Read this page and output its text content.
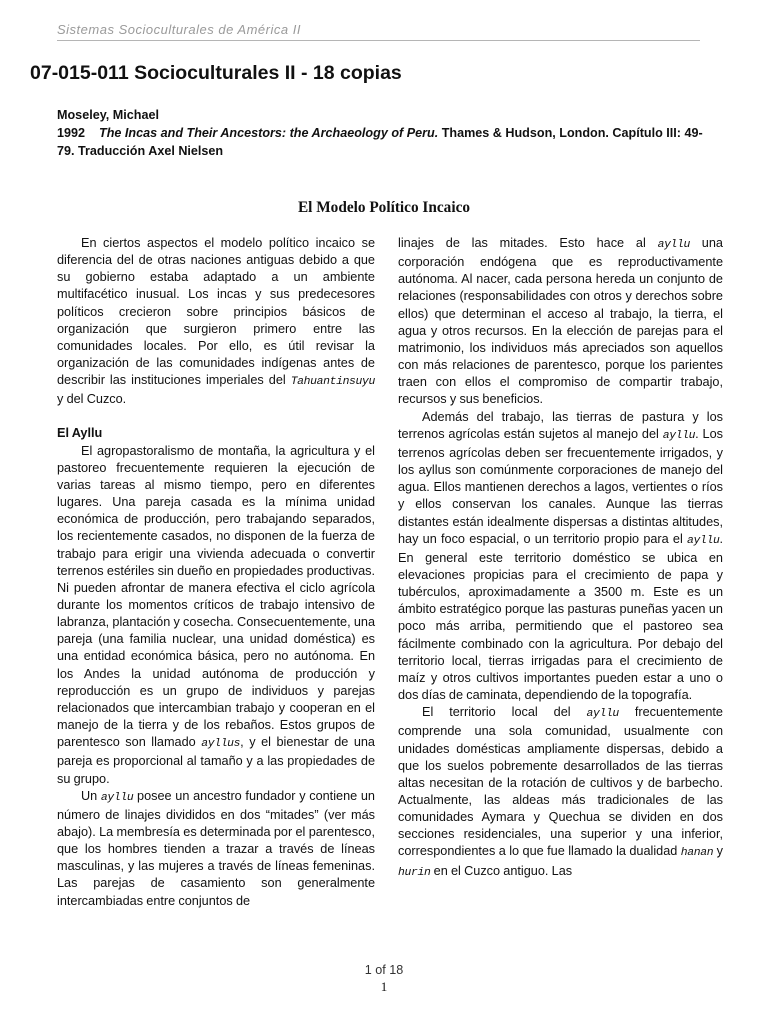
Sistemas Socioculturales de América II
07-015-011 Socioculturales II - 18 copias
Moseley, Michael
1992 The Incas and Their Ancestors: the Archaeology of Peru. Thames & Hudson, London. Capítulo III: 49-79. Traducción Axel Nielsen
El Modelo Político Incaico

En ciertos aspectos el modelo político incaico se diferencia del de otras naciones antiguas debido a que su gobierno estaba adaptado a un ambiente multifacético inusual. Los incas y sus predecesores políticos crecieron sobre principios básicos de organización que surgieron primero entre las comunidades locales. Por ello, es útil revisar la organización de las comunidades indígenas antes de describir las instituciones imperiales del Tahuantinsuyu y del Cuzco.

El Ayllu

El agropastoralismo de montaña, la agricultura y el pastoreo frecuentemente requieren la ejecución de varias tareas al mismo tiempo, pero en diferentes lugares. Una pareja casada es la mínima unidad económica de producción, pero trabajando separados, los recientemente casados, no disponen de la fuerza de trabajo para erigir una vivienda adecuada o convertir terrenos estériles sin dueño en propiedades productivas. Ni pueden afrontar de manera efectiva el ciclo agrícola durante los momentos críticos de trabajo intensivo de labranza, plantación y cosecha. Consecuentemente, una pareja (una familia nuclear, una unidad doméstica) es una entidad económica básica, pero no autónoma. En los Andes la unidad autónoma de producción y reproducción es un grupo de individuos y parejas relacionados que intercambian trabajo y cooperan en el manejo de la tierra y de los rebaños. Estos grupos de parentesco son llamado ayllus, y el bienestar de una pareja es proporcional al tamaño y a las propiedades de su grupo.

Un ayllu posee un ancestro fundador y contiene un número de linajes divididos en dos “mitades” (ver más abajo). La membresía es determinada por el parentesco, que los hombres tienden a trazar a través de líneas masculinas, y las mujeres a través de líneas femeninas. Las parejas de casamiento son generalmente intercambiadas entre conjuntos de

linajes de las mitades. Esto hace al ayllu una corporación endógena que es reproductivamente autónoma. Al nacer, cada persona hereda un conjunto de relaciones (responsabilidades con otros y derechos sobre ellos) que determinan el acceso al trabajo, la tierra, el agua y otros recursos. En la elección de parejas para el matrimonio, los individuos más apreciados son aquellos con más relaciones de parentesco, porque los parientes traen con ellos el compromiso de compartir trabajo, recursos y sus beneficios.

Además del trabajo, las tierras de pastura y los terrenos agrícolas están sujetos al manejo del ayllu. Los terrenos agrícolas deben ser frecuentemente irrigados, y los ayllus son comúnmente corporaciones de manejo del agua. Ellos mantienen derechos a lagos, vertientes o ríos y ellos conservan los canales. Aunque las tierras distantes están idealmente dispersas a distintas altitudes, hay un foco espacial, o un territorio propio para el ayllu. En general este territorio doméstico se ubica en elevaciones propicias para el crecimiento de papa y tubérculos, aproximadamente a 3500 m. Este es un ámbito estratégico porque las pasturas puneñas yacen un poco más arriba, permitiendo que el pastoreo sea fácilmente combinado con la agricultura. Por debajo del territorio local, tierras irrigadas para el crecimiento de maíz y otros cultivos importantes pueden estar a uno o dos días de caminata, dependiendo de la topografía.

El territorio local del ayllu frecuentemente comprende una sola comunidad, usualmente con unidades domésticas ampliamente dispersas, debido a que los suelos pobremente desarrollados de las tierras altas necesitan de la rotación de cultivos y de barbecho. Actualmente, las aldeas más tradicionales de las comunidades Aymara y Quechua se dividen en dos secciones residenciales, una superior y una inferior, correspondientes a lo que fue llamado la dualidad hanan y hurin en el Cuzco antiguo. Las

1 of 18
1
